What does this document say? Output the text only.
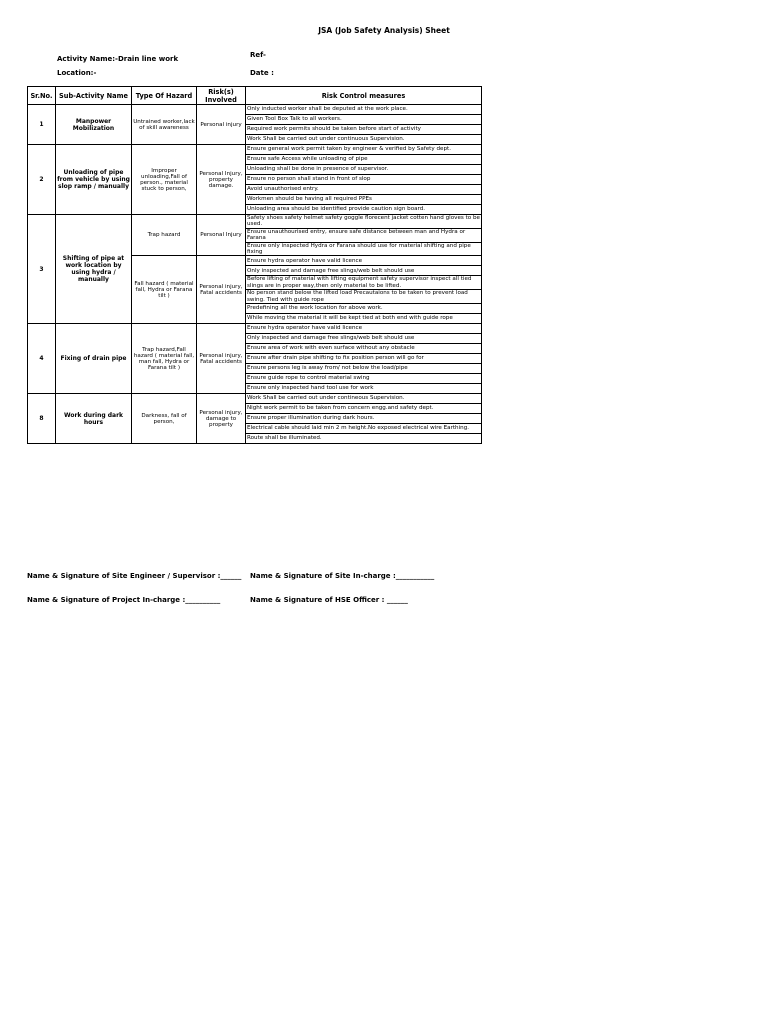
JSA (Job Safety Analysis) Sheet
Activity Name:-Drain line work	Ref-
Location:-	Date :
Sr.No.	Sub-Activity Name	Type Of Hazard	Risk(s) Involved	Risk Control measures
1	Manpower Mobilization	Untrained worker,lack of skill awareness	Personal injury	Only inducted worker shall be deputed at the work place.
				Given Tool Box Talk to all workers.
				Required work permits should be taken before start of activity
				Work Shall be carried out under continuous Supervision.
2	Unloading of pipe from vehicle by using slop ramp / manually	Improper unloading,Fall of person., material stuck to person,	Personal Injury, property damage.	Ensure general work permit taken by engineer & verified by Safety dept.
				Ensure safe Access while unloading of pipe
				Unloading shall be done in presence of supervisor.
				Ensure no person shall stand in front of slop
				Avoid unauthorised entry.
				Workmen should be having all required PPEs
				Unloading area should be identified provide caution sign board.
3	Shifting of pipe at work location by using hydra / manually	Trap hazard	Personal Injury	Safety shoes safety helmet safety goggle florecent jacket cotten hand gloves to be used.
				Ensure unauthourised entry, ensure safe distance between man and Hydra or Farana
				Ensure only inspected Hydra or Farana should use for material shifting and pipe fixing
		Fall hazard ( material fall, Hydra or Farana tilt )	Personal injury, Fatal accidents	Ensure hydra operator have valid licence
				Only inspected and damage free slings/web belt should use
				Before lifting of material with lifting equipment safety supervisor inspect all tied slings are in proper way,then only material to be lifted.
				No person stand below the lifted load Precautaions to be taken to prevent load swing. Tied with guide rope
				Predefining all the work location for above work.
				While moving the material it will be kept tied at both end with guide rope
4	Fixing of drain pipe	Trap hazard,Fall hazard ( material fall, man fall, Hydra or Farana tilt )	Personal injury, Fatal accidents	Ensure hydra operator have valid licence
				Only inspected and damage free slings/web belt should use
				Ensure area of work with even surface without any obstacle
				Ensure after drain pipe shifting to fix position person will go for
				Ensure persons leg is away from/ not below the load/pipe
				Ensure guide rope to control material swing
				Ensure only inspected hand tool use for work
8	Work during dark hours	Darkness, fall of person,	Personal injury, damage to property	Work Shall be carried out under contineous Supervision.
				Night work permit to be taken from concern engg.and safety dept.
				Ensure proper illumination during dark hours.
				Electrical cable should laid min 2 m height.No exposed electrical wire Earthing.
				Route shall be illuminated.
Name & Signature of Site Engineer / Supervisor :______ Name & Signature of Site In-charge :___________
Name & Signature of Project In-charge :__________	Name & Signature of HSE Officer : ______
